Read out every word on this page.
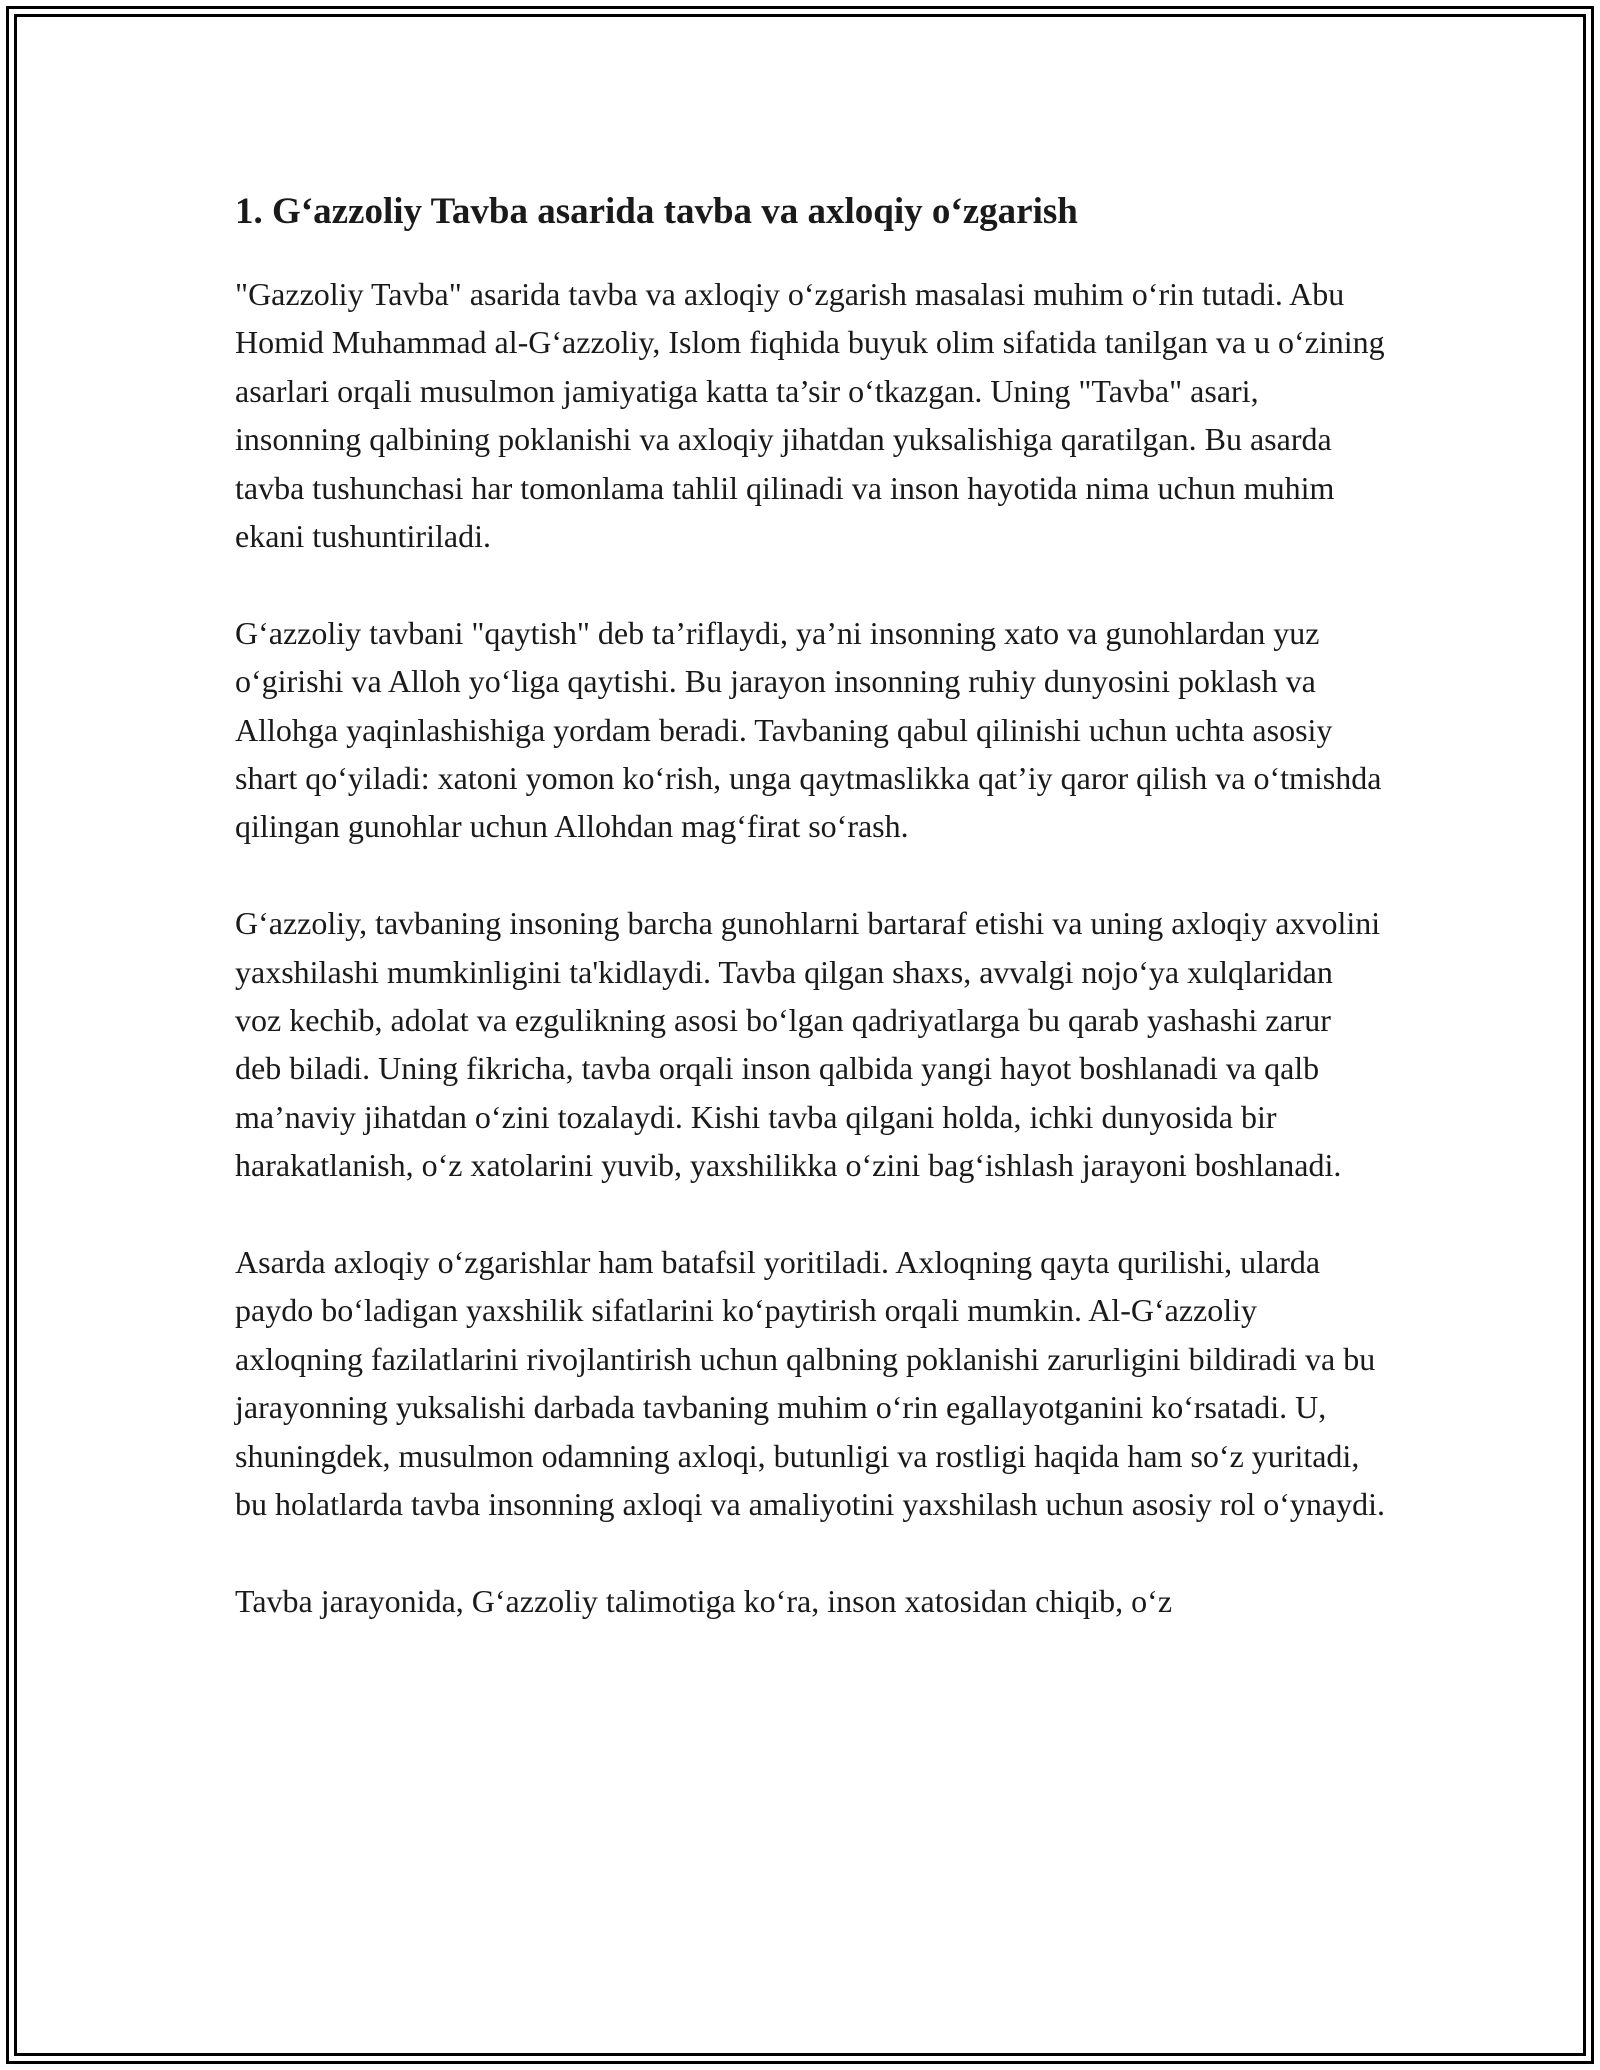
1. G‘azzoliy Tavba asarida tavba va axloqiy o‘zgarish

"Gazzoliy Tavba" asarida tavba va axloqiy o‘zgarish masalasi muhim o‘rin tutadi. Abu Homid Muhammad al-G‘azzoliy, Islom fiqhida buyuk olim sifatida tanilgan va u o‘zining asarlari orqali musulmon jamiyatiga katta ta’sir o‘tkazgan. Uning "Tavba" asari, insonning qalbining poklanishi va axloqiy jihatdan yuksalishiga qaratilgan. Bu asarda tavba tushunchasi har tomonlama tahlil qilinadi va inson hayotida nima uchun muhim ekani tushuntiriladi.

G‘azzoliy tavbani "qaytish" deb ta’riflaydi, ya’ni insonning xato va gunohlardan yuz o‘girishi va Alloh yo‘liga qaytishi. Bu jarayon insonning ruhiy dunyosini poklash va Allohga yaqinlashishiga yordam beradi. Tavbaning qabul qilinishi uchun uchta asosiy shart qo‘yiladi: xatoni yomon ko‘rish, unga qaytmaslikka qat’iy qaror qilish va o‘tmishda qilingan gunohlar uchun Allohdan mag‘firat so‘rash.

G‘azzoliy, tavbaning insoning barcha gunohlarni bartaraf etishi va uning axloqiy axvolini yaxshilashi mumkinligini ta'kidlaydi. Tavba qilgan shaxs, avvalgi nojo‘ya xulqlaridan voz kechib, adolat va ezgulikning asosi bo‘lgan qadriyatlarga bu qarab yashashi zarur deb biladi. Uning fikricha, tavba orqali inson qalbida yangi hayot boshlanadi va qalb ma’naviy jihatdan o‘zini tozalaydi. Kishi tavba qilgani holda, ichki dunyosida bir harakatlanish, o‘z xatolarini yuvib, yaxshilikka o‘zini bag‘ishlash jarayoni boshlanadi.

Asarda axloqiy o‘zgarishlar ham batafsil yoritiladi. Axloqning qayta qurilishi, ularda paydo bo‘ladigan yaxshilik sifatlarini ko‘paytirish orqali mumkin. Al-G‘azzoliy axloqning fazilatlarini rivojlantirish uchun qalbning poklanishi zarurligini bildiradi va bu jarayonning yuksalishi darbada tavbaning muhim o‘rin egallayotganini ko‘rsatadi. U, shuningdek, musulmon odamning axloqi, butunligi va rostligi haqida ham so‘z yuritadi, bu holatlarda tavba insonning axloqi va amaliyotini yaxshilash uchun asosiy rol o‘ynaydi.

Tavba jarayonida, G‘azzoliy talimotiga ko‘ra, inson xatosidan chiqib, o‘z
